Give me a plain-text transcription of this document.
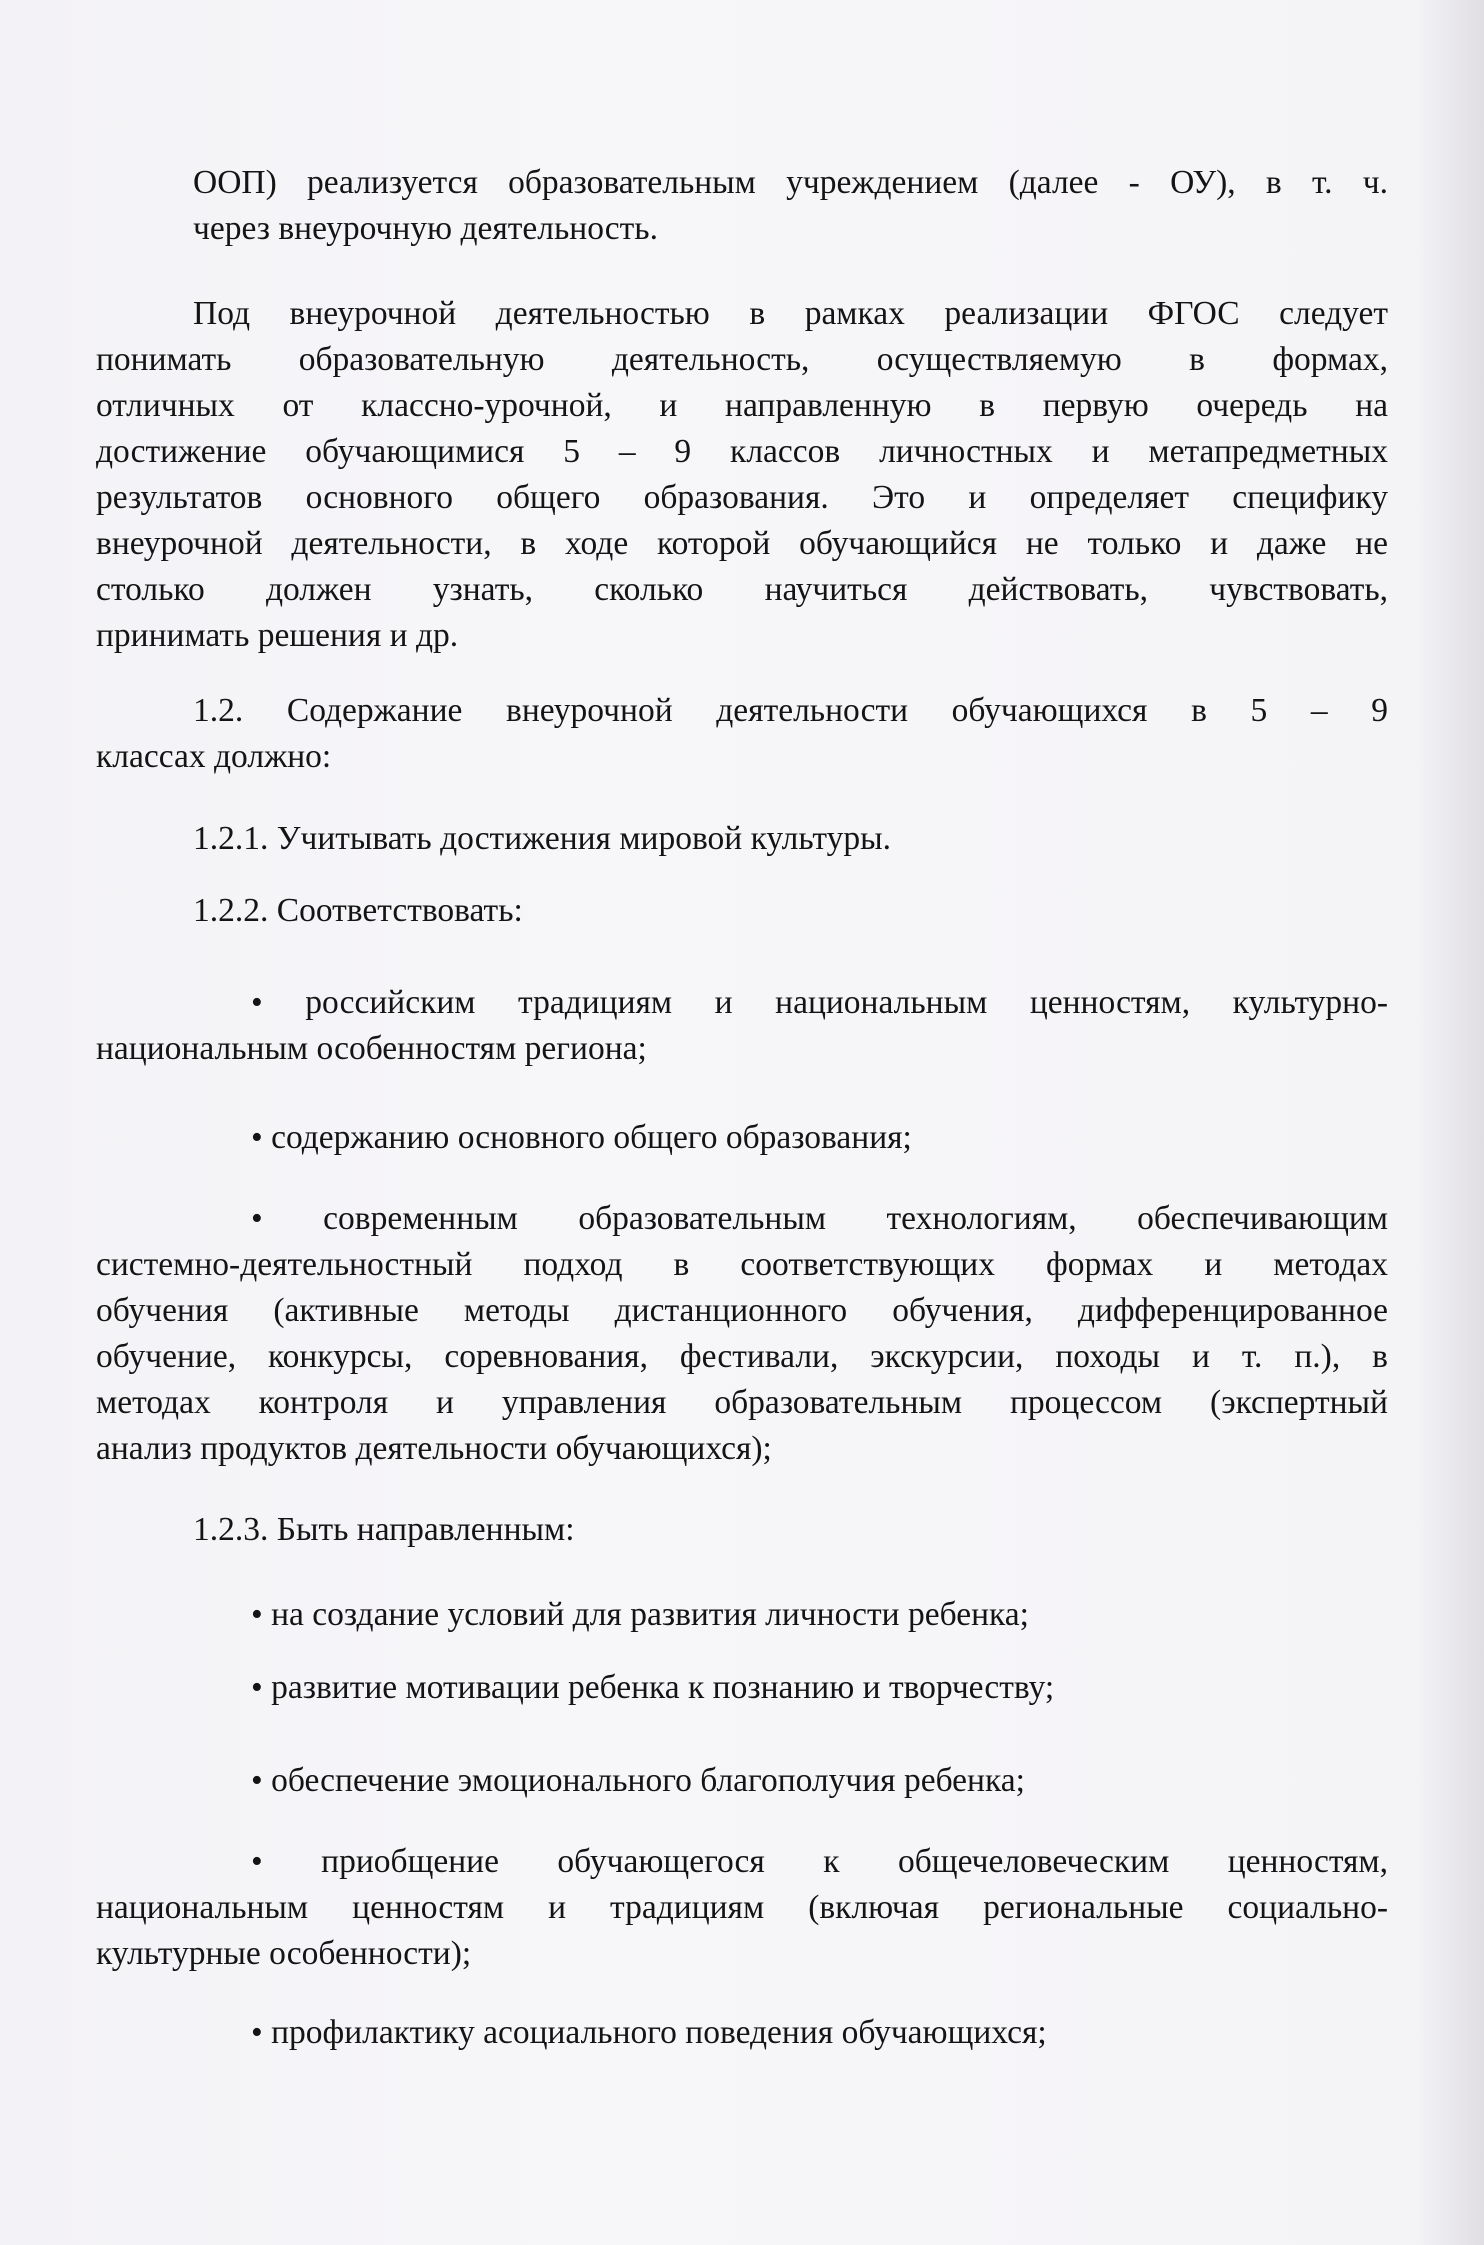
ООП) реализуется образовательным учреждением (далее - ОУ), в т. ч.
через внеурочную деятельность.
Под внеурочной деятельностью в рамках реализации ФГОС следует
понимать образовательную деятельность, осуществляемую в формах,
отличных от классно-урочной, и направленную в первую очередь на
достижение обучающимися 5 – 9 классов личностных и метапредметных
результатов основного общего образования. Это и определяет специфику
внеурочной деятельности, в ходе которой обучающийся не только и даже не
столько должен узнать, сколько научиться действовать, чувствовать,
принимать решения и др.
1.2. Содержание внеурочной деятельности обучающихся в 5 – 9
классах должно:
1.2.1. Учитывать достижения мировой культуры.
1.2.2. Соответствовать:
• российским традициям и национальным ценностям, культурно-
национальным особенностям региона;
• содержанию основного общего образования;
• современным образовательным технологиям, обеспечивающим
системно-деятельностный подход в соответствующих формах и методах
обучения (активные методы дистанционного обучения, дифференцированное
обучение, конкурсы, соревнования, фестивали, экскурсии, походы и т. п.), в
методах контроля и управления образовательным процессом (экспертный
анализ продуктов деятельности обучающихся);
1.2.3. Быть направленным:
• на создание условий для развития личности ребенка;
• развитие мотивации ребенка к познанию и творчеству;
• обеспечение эмоционального благополучия ребенка;
• приобщение обучающегося к общечеловеческим ценностям,
национальным ценностям и традициям (включая региональные социально-
культурные особенности);
• профилактику асоциального поведения обучающихся;
